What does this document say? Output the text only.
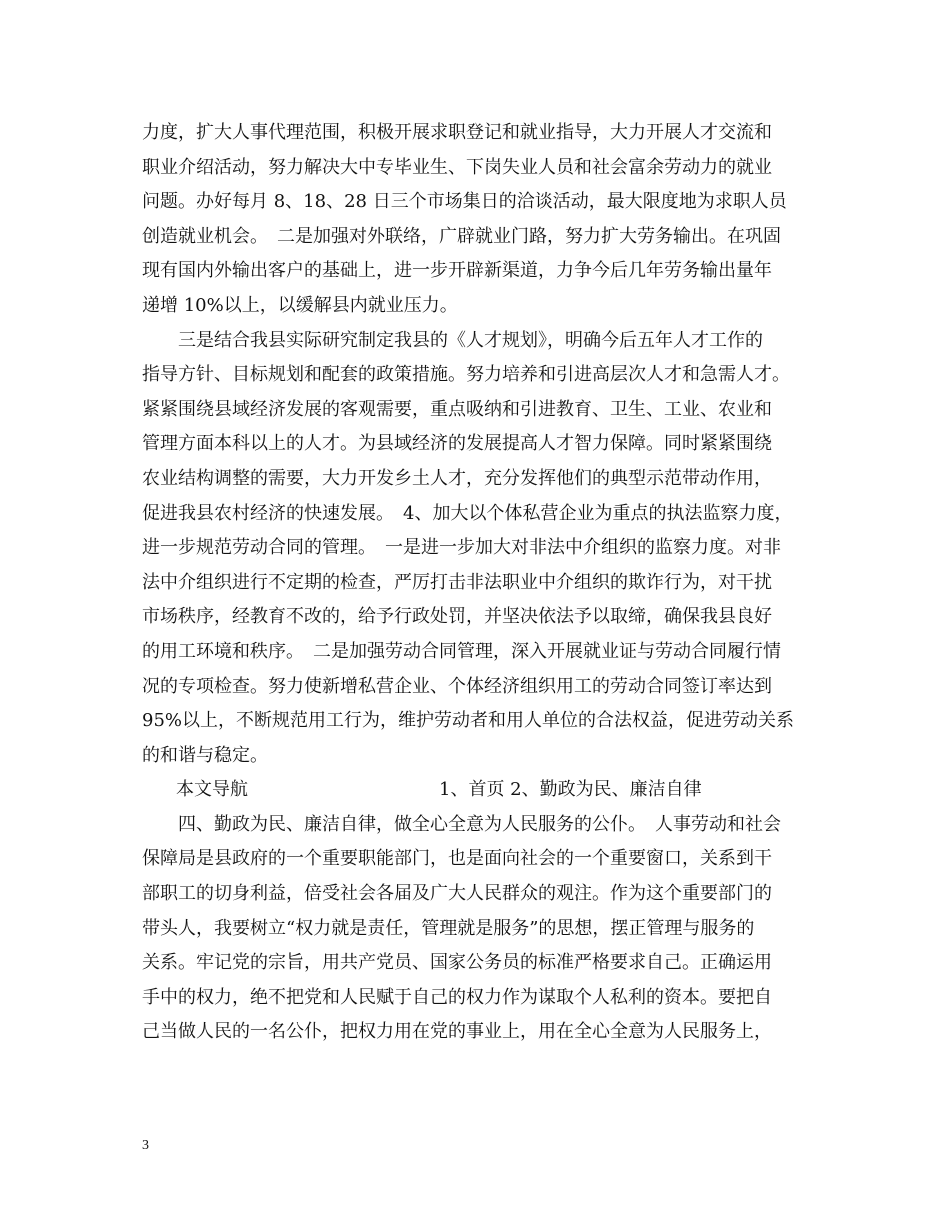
力度，扩大人事代理范围，积极开展求职登记和就业指导，大力开展人才交流和
职业介绍活动，努力解决大中专毕业生、下岗失业人员和社会富余劳动力的就业
问题。办好每月 8、18、28 日三个市场集日的洽谈活动，最大限度地为求职人员
创造就业机会。　二是加强对外联络，广辟就业门路，努力扩大劳务输出。在巩固
现有国内外输出客户的基础上，进一步开辟新渠道，力争今后几年劳务输出量年
递增 10%以上，以缓解县内就业压力。
　　三是结合我县实际研究制定我县的《人才规划》，明确今后五年人才工作的
指导方针、目标规划和配套的政策措施。努力培养和引进高层次人才和急需人才。
紧紧围绕县域经济发展的客观需要，重点吸纳和引进教育、卫生、工业、农业和
管理方面本科以上的人才。为县域经济的发展提高人才智力保障。同时紧紧围绕
农业结构调整的需要，大力开发乡土人才，充分发挥他们的典型示范带动作用，
促进我县农村经济的快速发展。　4、加大以个体私营企业为重点的执法监察力度，
进一步规范劳动合同的管理。　一是进一步加大对非法中介组织的监察力度。对非
法中介组织进行不定期的检查，严厉打击非法职业中介组织的欺诈行为，对干扰
市场秩序，经教育不改的，给予行政处罚，并坚决依法予以取缔，确保我县良好
的用工环境和秩序。　二是加强劳动合同管理，深入开展就业证与劳动合同履行情
况的专项检查。努力使新增私营企业、个体经济组织用工的劳动合同签订率达到
95%以上，不断规范用工行为，维护劳动者和用人单位的合法权益，促进劳动关系
的和谐与稳定。

本文导航

	1、首页 2、勤政为民、廉洁自律

　　四、勤政为民、廉洁自律，做全心全意为人民服务的公仆。　人事劳动和社会
保障局是县政府的一个重要职能部门，也是面向社会的一个重要窗口，关系到干
部职工的切身利益，倍受社会各届及广大人民群众的观注。作为这个重要部门的
带头人，我要树立“权力就是责任，管理就是服务”的思想，摆正管理与服务的
关系。牢记党的宗旨，用共产党员、国家公务员的标准严格要求自己。正确运用
手中的权力，绝不把党和人民赋于自己的权力作为谋取个人私利的资本。要把自
己当做人民的一名公仆，把权力用在党的事业上，用在全心全意为人民服务上，
3
